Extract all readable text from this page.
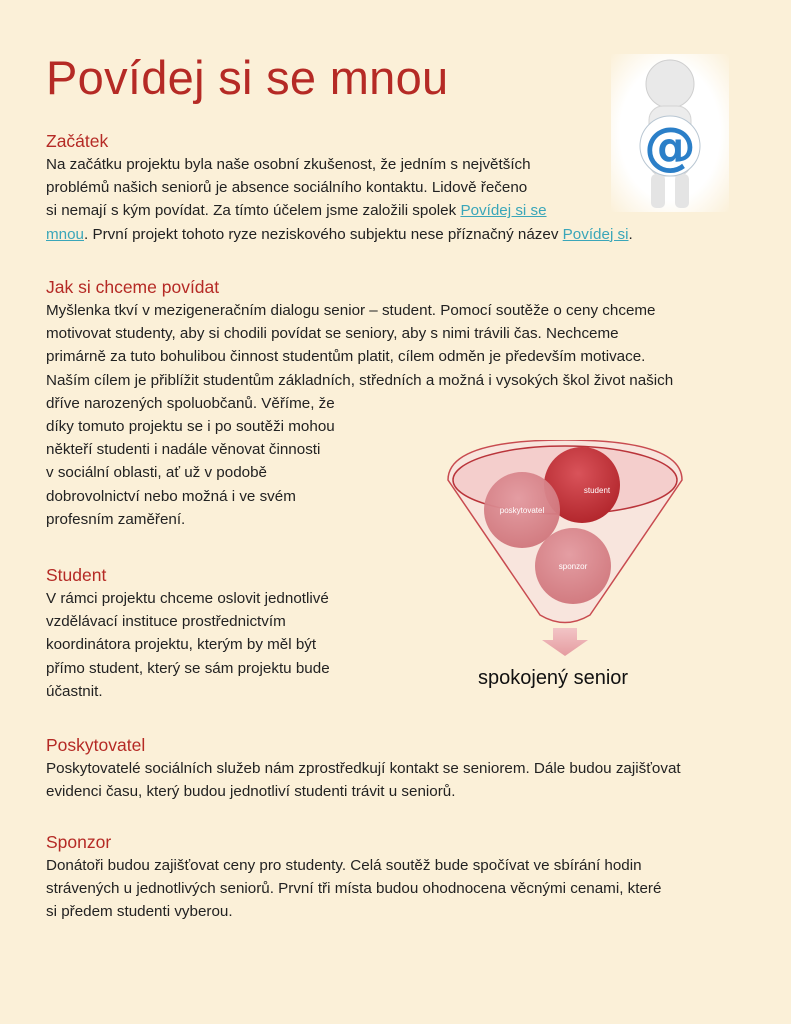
Povídej si se mnou
@
Začátek

Na začátku projektu byla naše osobní zkušenost, že jedním s největších
problémů našich seniorů je absence sociálního kontaktu. Lidově řečeno
si nemají s kým povídat. Za tímto účelem jsme založili spolek Povídej si se
mnou. První projekt tohoto ryze neziskového subjektu nese příznačný název Povídej si.

Jak si chceme povídat

Myšlenka tkví v mezigeneračním dialogu senior – student. Pomocí soutěže o ceny chceme
motivovat studenty, aby si chodili povídat se seniory, aby s nimi trávili čas. Nechceme
primárně za tuto bohulibou činnost studentům platit, cílem odměn je především motivace.
Naším cílem je přiblížit studentům základních, středních a možná i vysokých škol život našich
dříve narozených spoluobčanů. Věříme, že
díky tomuto projektu se i po soutěži mohou
někteří studenti i nadále věnovat činnosti
v sociální oblasti, ať už v podobě
dobrovolnictví nebo možná i ve svém
profesním zaměření.

Student

V rámci projektu chceme oslovit jednotlivé
vzdělávací instituce prostřednictvím
koordinátora projektu, kterým by měl být
přímo student, který se sám projektu bude
účastnit.

poskytovatel
student
sponzor
spokojený senior
Poskytovatel

Poskytovatelé sociálních služeb nám zprostředkují kontakt se seniorem. Dále budou zajišťovat
evidenci času, který budou jednotliví studenti trávit u seniorů.

Sponzor

Donátoři budou zajišťovat ceny pro studenty. Celá soutěž bude spočívat ve sbírání hodin
strávených u jednotlivých seniorů. První tři místa budou ohodnocena věcnými cenami, které
si předem studenti vyberou.
